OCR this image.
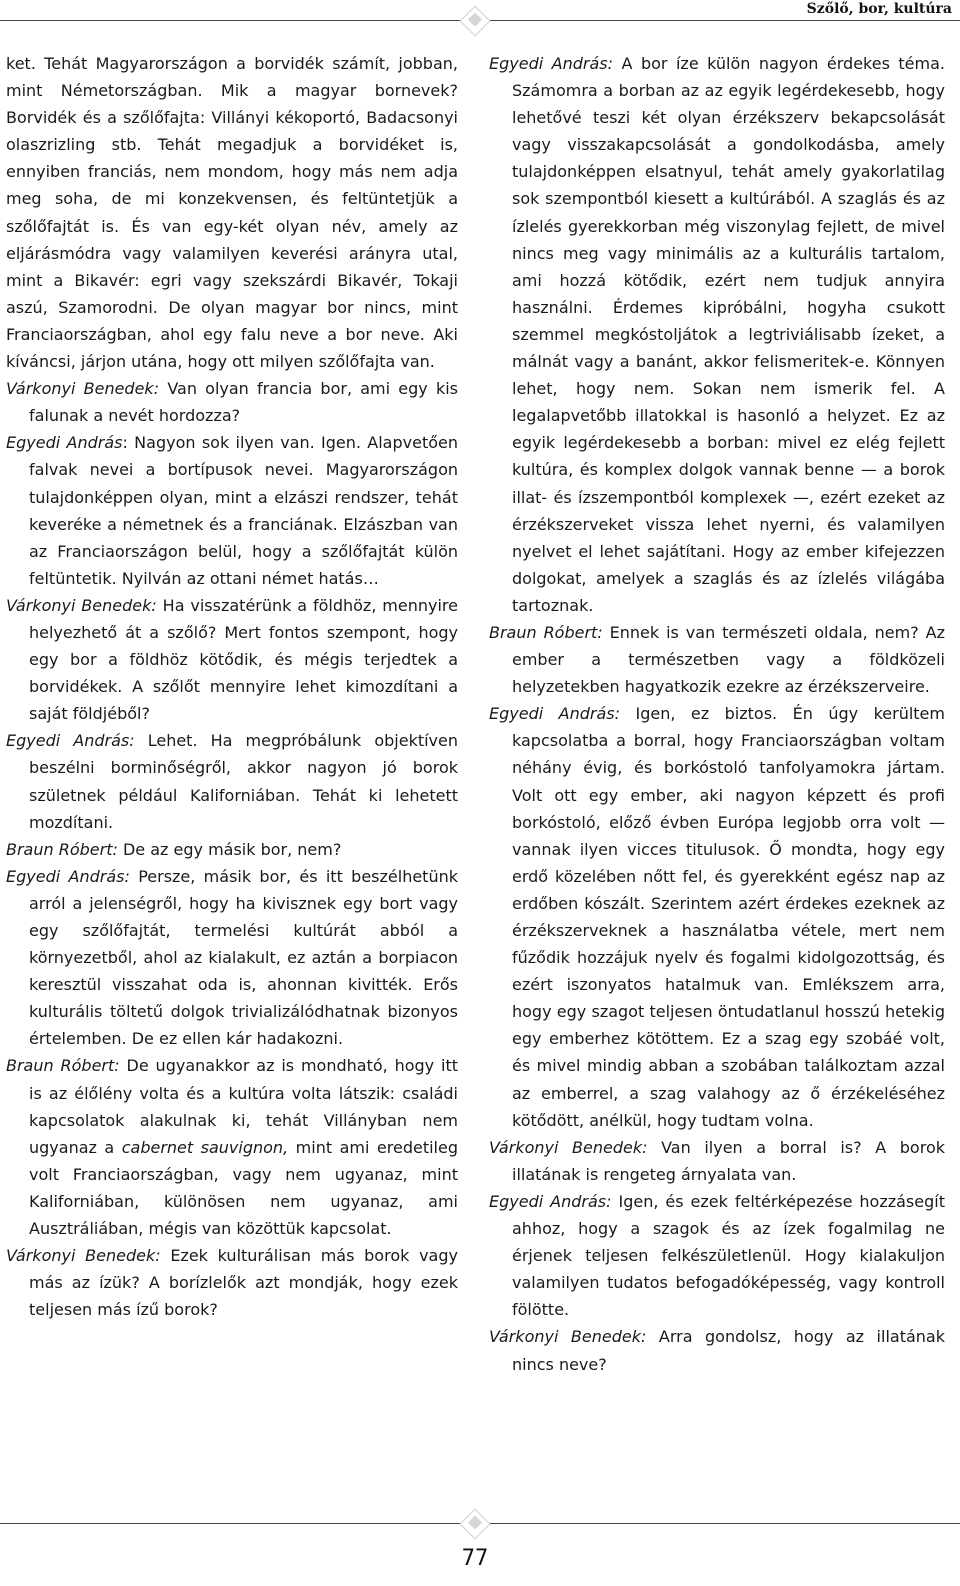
Szőlő, bor, kultúra

ket. Tehát Magyarországon a borvidék számít, jobban, mint Németországban. Mik a magyar bornevek? Borvidék és a szőlőfajta: Villányi kékoportó, Badacsonyi olaszrizling stb. Tehát megadjuk a borvidéket is, ennyiben franciás, nem mondom, hogy más nem adja meg soha, de mi konzekvensen, és feltüntetjük a szőlőfajtát is. És van egy-két olyan név, amely az eljárásmódra vagy valamilyen keverési arányra utal, mint a Bikavér: egri vagy szekszárdi Bikavér, Tokaji aszú, Szamorodni. De olyan magyar bor nincs, mint Franciaországban, ahol egy falu neve a bor neve. Aki kíváncsi, járjon utána, hogy ott milyen szőlőfajta van.

Várkonyi Benedek: Van olyan francia bor, ami egy kis falunak a nevét hordozza?

Egyedi András: Nagyon sok ilyen van. Igen. Alapvetően falvak nevei a bortípusok nevei. Magyarországon tulajdonképpen olyan, mint a elzászi rendszer, tehát keveréke a németnek és a franciának. Elzászban van az Franciaországon belül, hogy a szőlőfajtát külön feltüntetik. Nyilván az ottani német hatás…

Várkonyi Benedek: Ha visszatérünk a földhöz, mennyire helyezhető át a szőlő? Mert fontos szempont, hogy egy bor a földhöz kötődik, és mégis terjedtek a borvidékek. A szőlőt mennyire lehet kimozdítani a saját földjéből?

Egyedi András: Lehet. Ha megpróbálunk objektíven beszélni borminőségről, akkor nagyon jó borok születnek például Kaliforniában. Tehát ki lehetett mozdítani.

Braun Róbert: De az egy másik bor, nem?

Egyedi András: Persze, másik bor, és itt beszélhetünk arról a jelenségről, hogy ha kivisznek egy bort vagy egy szőlőfajtát, termelési kultúrát abból a környezetből, ahol az kialakult, ez aztán a borpiacon keresztül visszahat oda is, ahonnan kivitték. Erős kulturális töltetű dolgok trivializálódhatnak bizonyos értelemben. De ez ellen kár hadakozni.

Braun Róbert: De ugyanakkor az is mondható, hogy itt is az élőlény volta és a kultúra volta látszik: családi kapcsolatok alakulnak ki, tehát Villányban nem ugyanaz a cabernet sauvignon, mint ami eredetileg volt Franciaországban, vagy nem ugyanaz, mint Kaliforniában, különösen nem ugyanaz, ami Ausztráliában, mégis van közöttük kapcsolat.

Várkonyi Benedek: Ezek kulturálisan más borok vagy más az ízük? A borízlelők azt mondják, hogy ezek teljesen más ízű borok?

Egyedi András: A bor íze külön nagyon érdekes téma. Számomra a borban az az egyik legérdekesebb, hogy lehetővé teszi két olyan érzékszerv bekapcsolását vagy visszakapcsolását a gondolkodásba, amely tulajdonképpen elsatnyul, tehát amely gyakorlatilag sok szempontból kiesett a kultúrából. A szaglás és az ízlelés gyerekkorban még viszonylag fejlett, de mivel nincs meg vagy minimális az a kulturális tartalom, ami hozzá kötődik, ezért nem tudjuk annyira használni. Érdemes kipróbálni, hogyha csukott szemmel megkóstoljátok a legtriviálisabb ízeket, a málnát vagy a banánt, akkor felismeritek-e. Könnyen lehet, hogy nem. Sokan nem ismerik fel. A legalapvetőbb illatokkal is hasonló a helyzet. Ez az egyik legérdekesebb a borban: mivel ez elég fejlett kultúra, és komplex dolgok vannak benne — a borok illat- és ízszempontból komplexek —, ezért ezeket az érzékszerveket vissza lehet nyerni, és valamilyen nyelvet el lehet sajátítani. Hogy az ember kifejezzen dolgokat, amelyek a szaglás és az ízlelés világába tartoznak.

Braun Róbert: Ennek is van természeti oldala, nem? Az ember a természetben vagy a földközeli helyzetekben hagyatkozik ezekre az érzékszerveire.

Egyedi András: Igen, ez biztos. Én úgy kerültem kapcsolatba a borral, hogy Franciaországban voltam néhány évig, és borkóstoló tanfolyamokra jártam. Volt ott egy ember, aki nagyon képzett és profi borkóstoló, előző évben Európa legjobb orra volt — vannak ilyen vicces titulusok. Ő mondta, hogy egy erdő közelében nőtt fel, és gyerekként egész nap az erdőben kószált. Szerintem azért érdekes ezeknek az érzékszerveknek a használatba vétele, mert nem fűződik hozzájuk nyelv és fogalmi kidolgozottság, és ezért iszonyatos hatalmuk van. Emlékszem arra, hogy egy szagot teljesen öntudatlanul hosszú hetekig egy emberhez kötöttem. Ez a szag egy szobáé volt, és mivel mindig abban a szobában találkoztam azzal az emberrel, a szag valahogy az ő érzékeléséhez kötődött, anélkül, hogy tudtam volna.

Várkonyi Benedek: Van ilyen a borral is? A borok illatának is rengeteg árnyalata van.

Egyedi András: Igen, és ezek feltérképezése hozzásegít ahhoz, hogy a szagok és az ízek fogalmilag ne érjenek teljesen felkészületlenül. Hogy kialakuljon valamilyen tudatos befogadóképesség, vagy kontroll fölötte.

Várkonyi Benedek: Arra gondolsz, hogy az illatának nincs neve?

77
